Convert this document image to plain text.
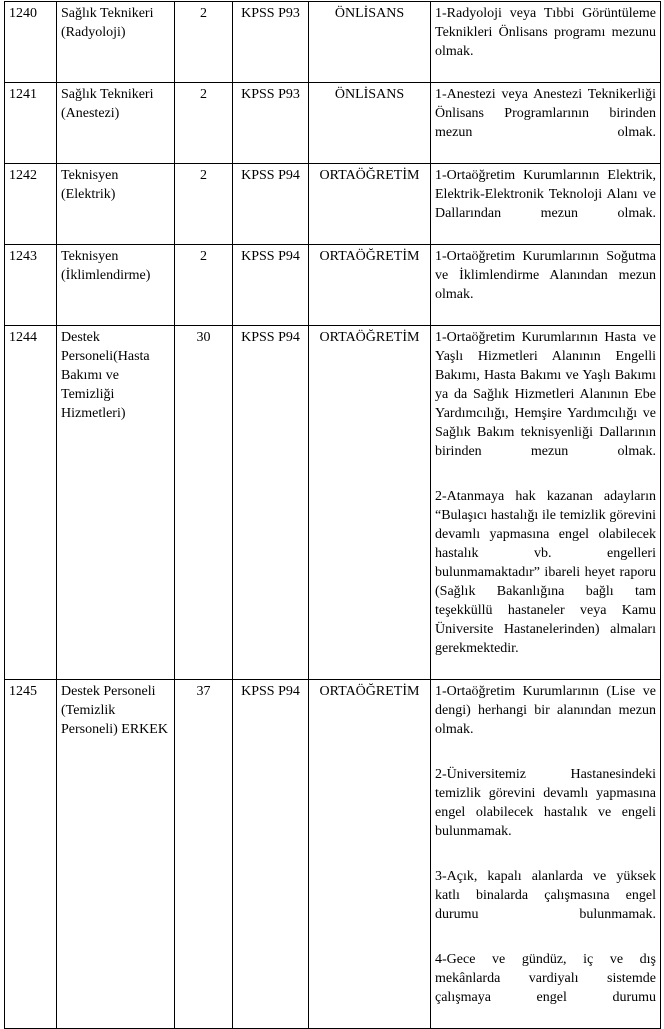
1240	Sağlık Teknikeri (Radyoloji)	2	KPSS P93	ÖNLİSANS	1-Radyoloji veya Tıbbi Görüntüleme Teknikleri Önlisans programı mezunu olmak.

1241	Sağlık Teknikeri (Anestezi)	2	KPSS P93	ÖNLİSANS	1-Anestezi veya Anestezi Teknikerliği Önlisans Programlarının birinden mezun olmak.

1242	Teknisyen (Elektrik)	2	KPSS P94	ORTAÖĞRETİM	1-Ortaöğretim Kurumlarının Elektrik, Elektrik-Elektronik Teknoloji Alanı ve Dallarından mezun olmak.

1243	Teknisyen (İklimlendirme)	2	KPSS P94	ORTAÖĞRETİM	1-Ortaöğretim Kurumlarının Soğutma ve İklimlendirme Alanından mezun olmak.

1244	Destek Personeli(Hasta Bakımı ve Temizliği Hizmetleri)	30	KPSS P94	ORTAÖĞRETİM	1-Ortaöğretim Kurumlarının Hasta ve Yaşlı Hizmetleri Alanının Engelli Bakımı, Hasta Bakımı ve Yaşlı Bakımı ya da Sağlık Hizmetleri Alanının Ebe Yardımcılığı, Hemşire Yardımcılığı ve Sağlık Bakım teknisyenliği Dallarının birinden mezun olmak.

2-Atanmaya hak kazanan adayların “Bulaşıcı hastalığı ile temizlik görevini devamlı yapmasına engel olabilecek hastalık vb. engelleri bulunmamaktadır” ibareli heyet raporu (Sağlık Bakanlığına bağlı tam teşekküllü hastaneler veya Kamu Üniversite Hastanelerinden) almaları gerekmektedir.

1245	Destek Personeli (Temizlik Personeli) ERKEK	37	KPSS P94	ORTAÖĞRETİM	1-Ortaöğretim Kurumlarının (Lise ve dengi) herhangi bir alanından mezun olmak.

2-Üniversitemiz Hastanesindeki temizlik görevini devamlı yapmasına engel olabilecek hastalık ve engeli bulunmamak.

3-Açık, kapalı alanlarda ve yüksek katlı binalarda çalışmasına engel durumu bulunmamak.

4-Gece ve gündüz, iç ve dış mekânlarda vardiyalı sistemde çalışmaya engel durumu
